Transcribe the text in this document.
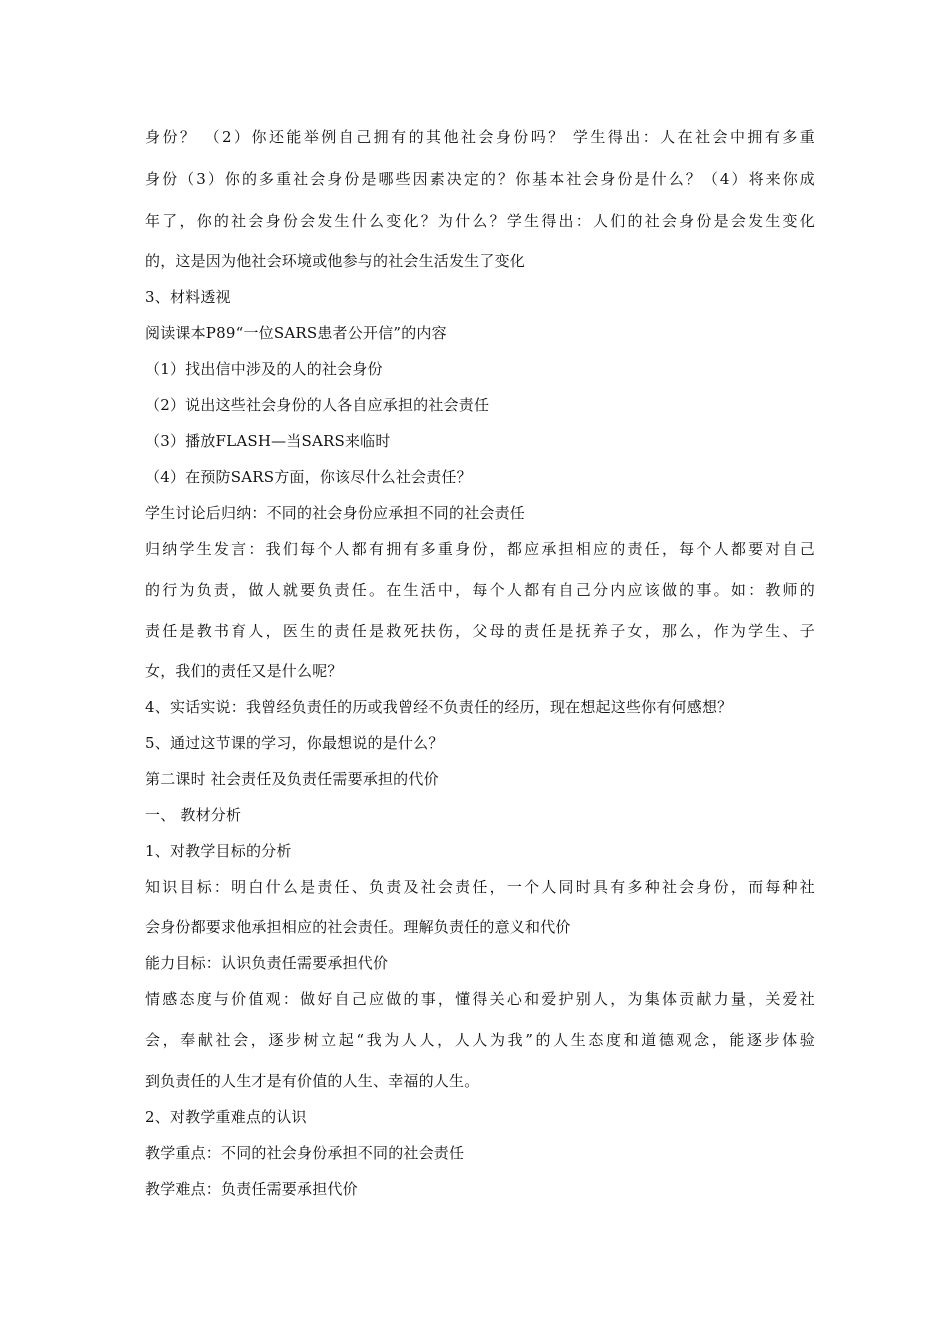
身份？ （2）你还能举例自己拥有的其他社会身份吗？ 学生得出：人在社会中拥有多重
身份（3）你的多重社会身份是哪些因素决定的？你基本社会身份是什么？（4）将来你成
年了，你的社会身份会发生什么变化？为什么？学生得出：人们的社会身份是会发生变化
的，这是因为他社会环境或他参与的社会生活发生了变化
3、材料透视
阅读课本P89“一位SARS患者公开信”的内容
（1）找出信中涉及的人的社会身份
（2）说出这些社会身份的人各自应承担的社会责任
（3）播放FLASH—当SARS来临时
（4）在预防SARS方面，你该尽什么社会责任？
学生讨论后归纳：不同的社会身份应承担不同的社会责任
归纳学生发言：我们每个人都有拥有多重身份，都应承担相应的责任，每个人都要对自己
的行为负责，做人就要负责任。在生活中，每个人都有自己分内应该做的事。如：教师的
责任是教书育人，医生的责任是救死扶伤，父母的责任是抚养子女，那么，作为学生、子
女，我们的责任又是什么呢？
4、实话实说：我曾经负责任的历或我曾经不负责任的经历，现在想起这些你有何感想？
5、通过这节课的学习，你最想说的是什么？
第二课时 社会责任及负责任需要承担的代价
一、 教材分析
1、对教学目标的分析
知识目标：明白什么是责任、负责及社会责任，一个人同时具有多种社会身份，而每种社
会身份都要求他承担相应的社会责任。理解负责任的意义和代价
能力目标：认识负责任需要承担代价
情感态度与价值观：做好自己应做的事，懂得关心和爱护别人，为集体贡献力量，关爱社
会，奉献社会，逐步树立起“我为人人，人人为我”的人生态度和道德观念，能逐步体验
到负责任的人生才是有价值的人生、幸福的人生。
2、对教学重难点的认识
教学重点：不同的社会身份承担不同的社会责任
教学难点：负责任需要承担代价
